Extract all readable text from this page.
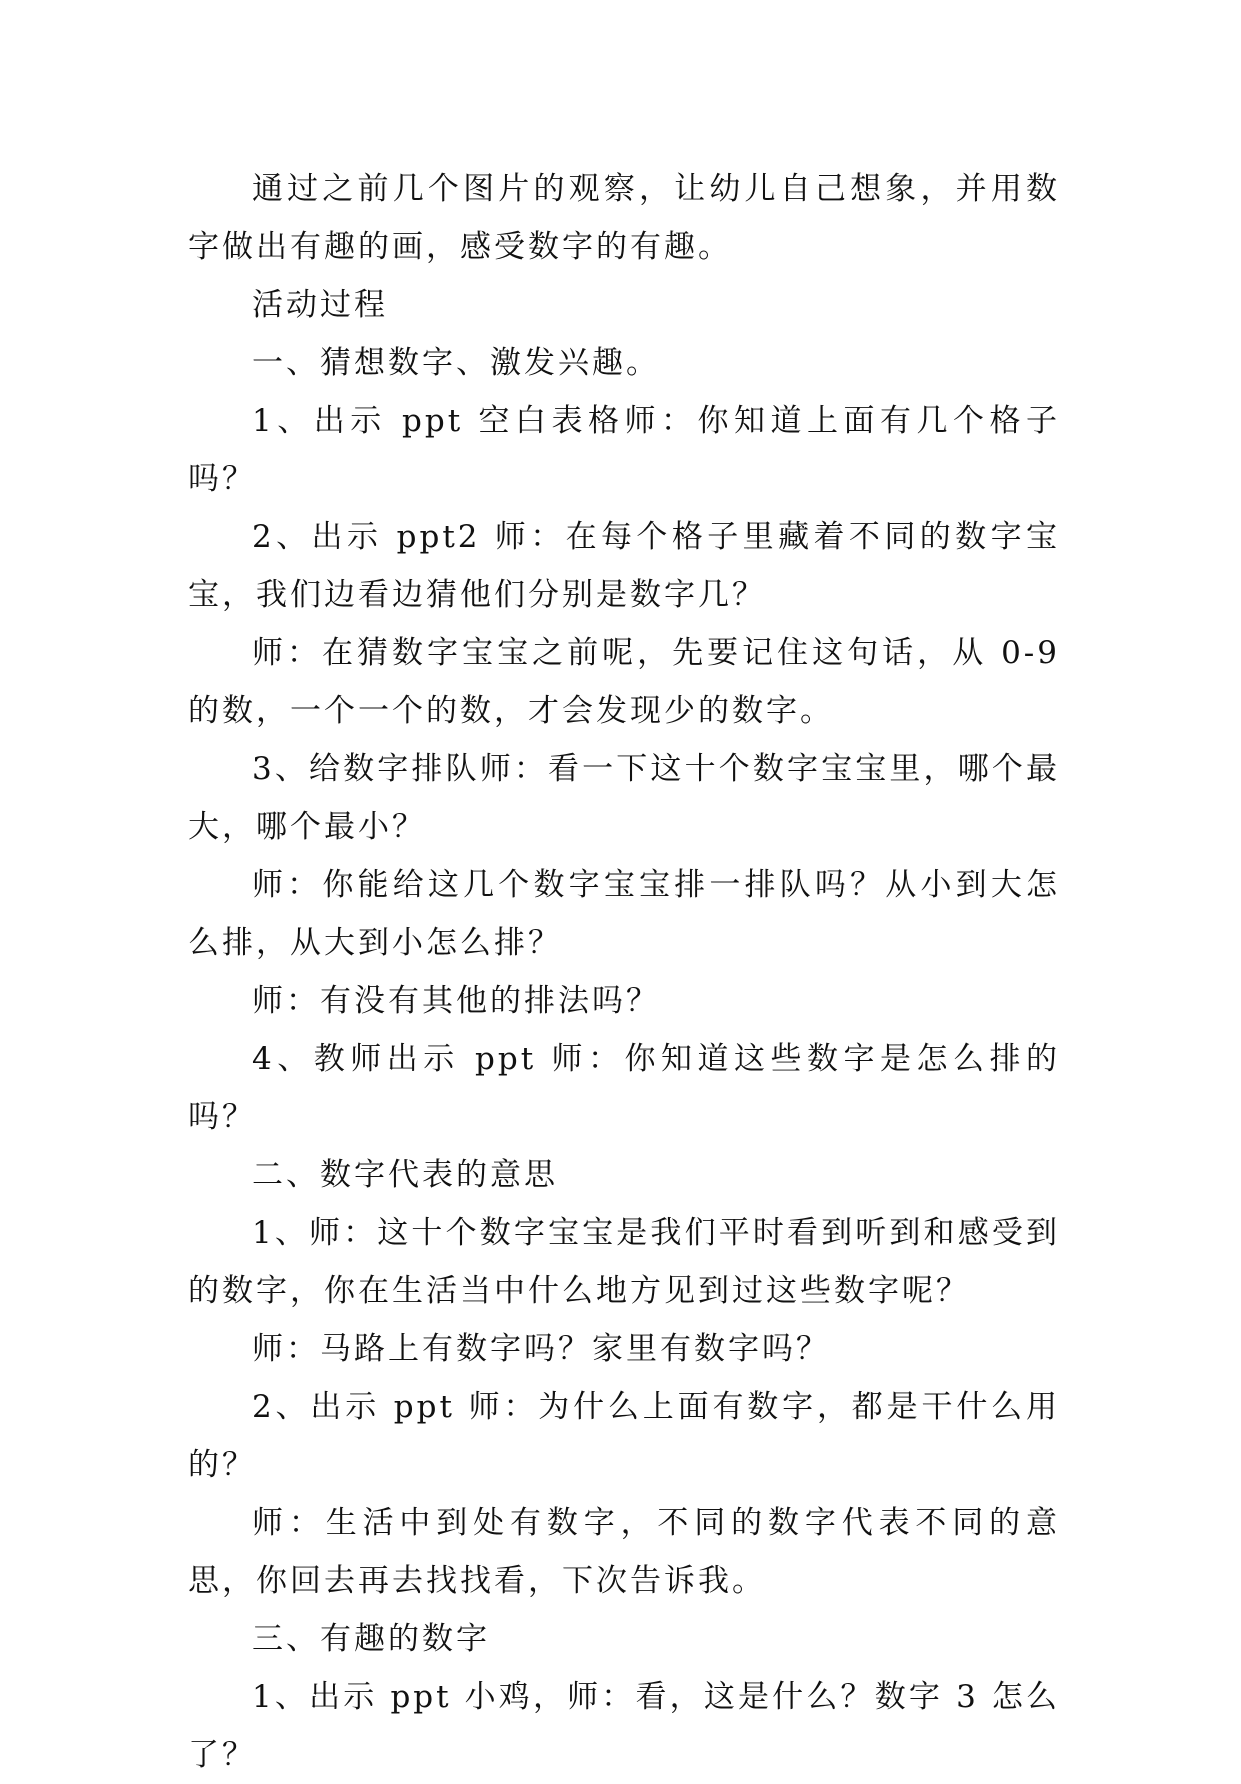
通过之前几个图片的观察，让幼儿自己想象，并用数字做出有趣的画，感受数字的有趣。

活动过程

一、猜想数字、激发兴趣。

1、出示 ppt 空白表格师：你知道上面有几个格子吗？

2、出示 ppt2 师：在每个格子里藏着不同的数字宝宝，我们边看边猜他们分别是数字几？

师：在猜数字宝宝之前呢，先要记住这句话，从 0-9 的数，一个一个的数，才会发现少的数字。

3、给数字排队师：看一下这十个数字宝宝里，哪个最大，哪个最小？

师：你能给这几个数字宝宝排一排队吗？从小到大怎么排，从大到小怎么排？

师：有没有其他的排法吗？

4、教师出示 ppt 师：你知道这些数字是怎么排的吗？

二、数字代表的意思

1、师：这十个数字宝宝是我们平时看到听到和感受到的数字，你在生活当中什么地方见到过这些数字呢？

师：马路上有数字吗？家里有数字吗？

2、出示 ppt 师：为什么上面有数字，都是干什么用的？

师：生活中到处有数字，不同的数字代表不同的意思，你回去再去找找看，下次告诉我。

三、有趣的数字

1、出示 ppt 小鸡，师：看，这是什么？数字 3 怎么了？
